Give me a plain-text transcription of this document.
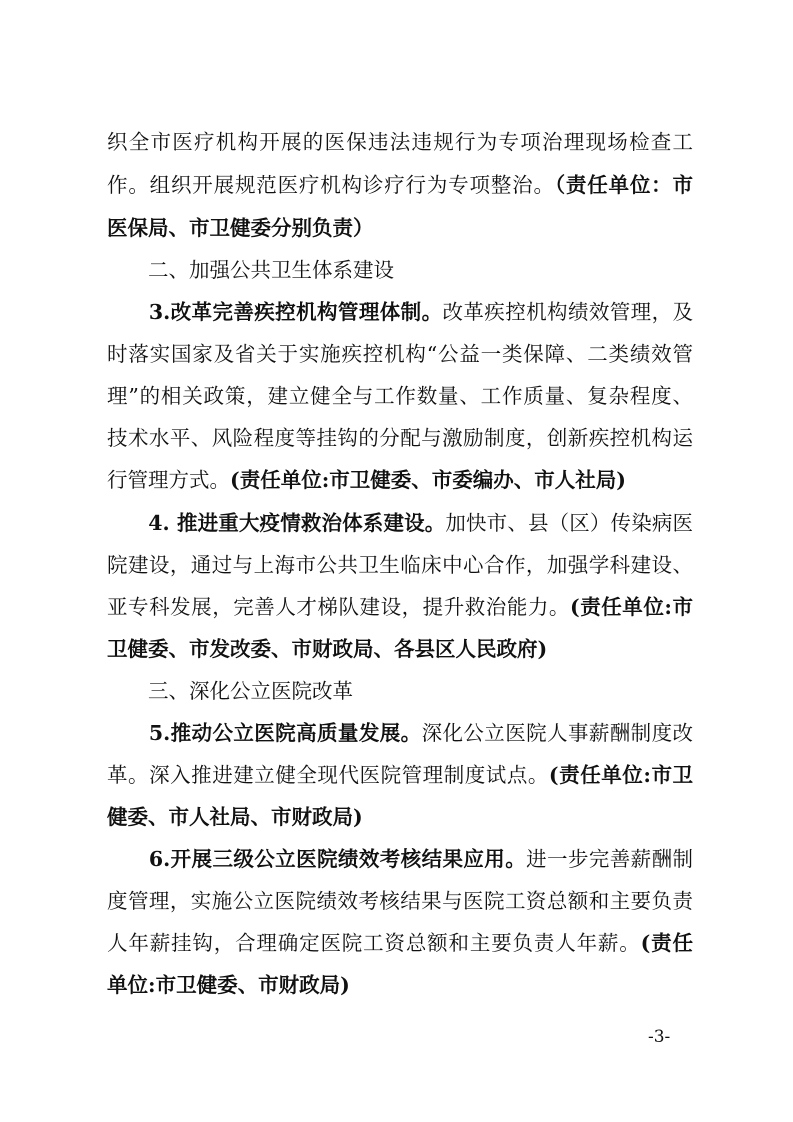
织全市医疗机构开展的医保违法违规行为专项治理现场检查工
作。组织开展规范医疗机构诊疗行为专项整治。（责任单位：市
医保局、市卫健委分别负责）
　　二、加强公共卫生体系建设
　　3.改革完善疾控机构管理体制。改革疾控机构绩效管理，及
时落实国家及省关于实施疾控机构“公益一类保障、二类绩效管
理”的相关政策，建立健全与工作数量、工作质量、复杂程度、
技术水平、风险程度等挂钩的分配与激励制度，创新疾控机构运
行管理方式。(责任单位:市卫健委、市委编办、市人社局)
　　4. 推进重大疫情救治体系建设。加快市、县（区）传染病医
院建设，通过与上海市公共卫生临床中心合作，加强学科建设、
亚专科发展，完善人才梯队建设，提升救治能力。(责任单位:市
卫健委、市发改委、市财政局、各县区人民政府)
　　三、深化公立医院改革
　　5.推动公立医院高质量发展。深化公立医院人事薪酬制度改
革。深入推进建立健全现代医院管理制度试点。(责任单位:市卫
健委、市人社局、市财政局)
　　6.开展三级公立医院绩效考核结果应用。进一步完善薪酬制
度管理，实施公立医院绩效考核结果与医院工资总额和主要负责
人年薪挂钩，合理确定医院工资总额和主要负责人年薪。(责任
单位:市卫健委、市财政局)
-3-
